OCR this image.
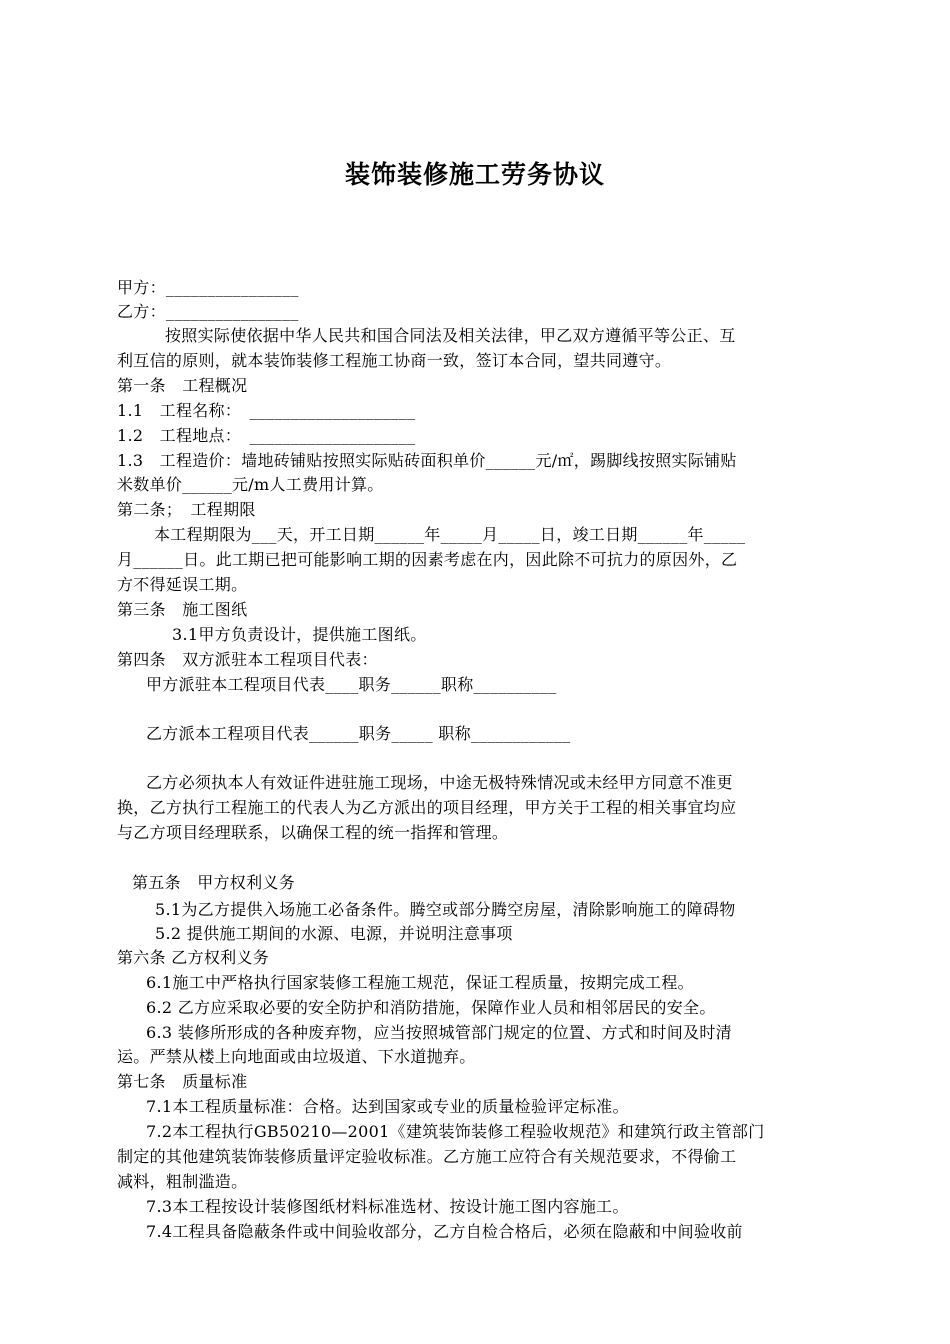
装饰装修施工劳务协议
甲方：________________
乙方：________________
按照实际使依据中华人民共和国合同法及相关法律，甲乙双方遵循平等公正、互
利互信的原则，就本装饰装修工程施工协商一致，签订本合同，望共同遵守。
第一条　工程概况
1.1　工程名称：　____________________
1.2　工程地点：　____________________
1.3　工程造价：墙地砖铺贴按照实际贴砖面积单价______元/㎡，踢脚线按照实际铺贴
米数单价______元/m人工费用计算。
第二条；　工程期限
本工程期限为___天，开工日期______年_____月_____日，竣工日期______年_____
月______日。此工期已把可能影响工期的因素考虑在内，因此除不可抗力的原因外，乙
方不得延误工期。
第三条　施工图纸
3.1甲方负责设计，提供施工图纸。
第四条　双方派驻本工程项目代表：
甲方派驻本工程项目代表____职务______职称__________
乙方派本工程项目代表______职务_____ 职称____________
乙方必须执本人有效证件进驻施工现场，中途无极特殊情况或未经甲方同意不准更
换，乙方执行工程施工的代表人为乙方派出的项目经理，甲方关于工程的相关事宜均应
与乙方项目经理联系，以确保工程的统一指挥和管理。
第五条　甲方权利义务
5.1为乙方提供入场施工必备条件。腾空或部分腾空房屋，清除影响施工的障碍物
5.2 提供施工期间的水源、电源，并说明注意事项
第六条 乙方权利义务
6.1施工中严格执行国家装修工程施工规范，保证工程质量，按期完成工程。
6.2 乙方应采取必要的安全防护和消防措施，保障作业人员和相邻居民的安全。
6.3 装修所形成的各种废弃物，应当按照城管部门规定的位置、方式和时间及时清
运。严禁从楼上向地面或由垃圾道、下水道抛弃。
第七条　质量标准
7.1本工程质量标准：合格。达到国家或专业的质量检验评定标准。
7.2本工程执行GB50210—2001《建筑装饰装修工程验收规范》和建筑行政主管部门
制定的其他建筑装饰装修质量评定验收标准。乙方施工应符合有关规范要求，不得偷工
减料，粗制滥造。
7.3本工程按设计装修图纸材料标准选材、按设计施工图内容施工。
7.4工程具备隐蔽条件或中间验收部分，乙方自检合格后，必须在隐蔽和中间验收前
